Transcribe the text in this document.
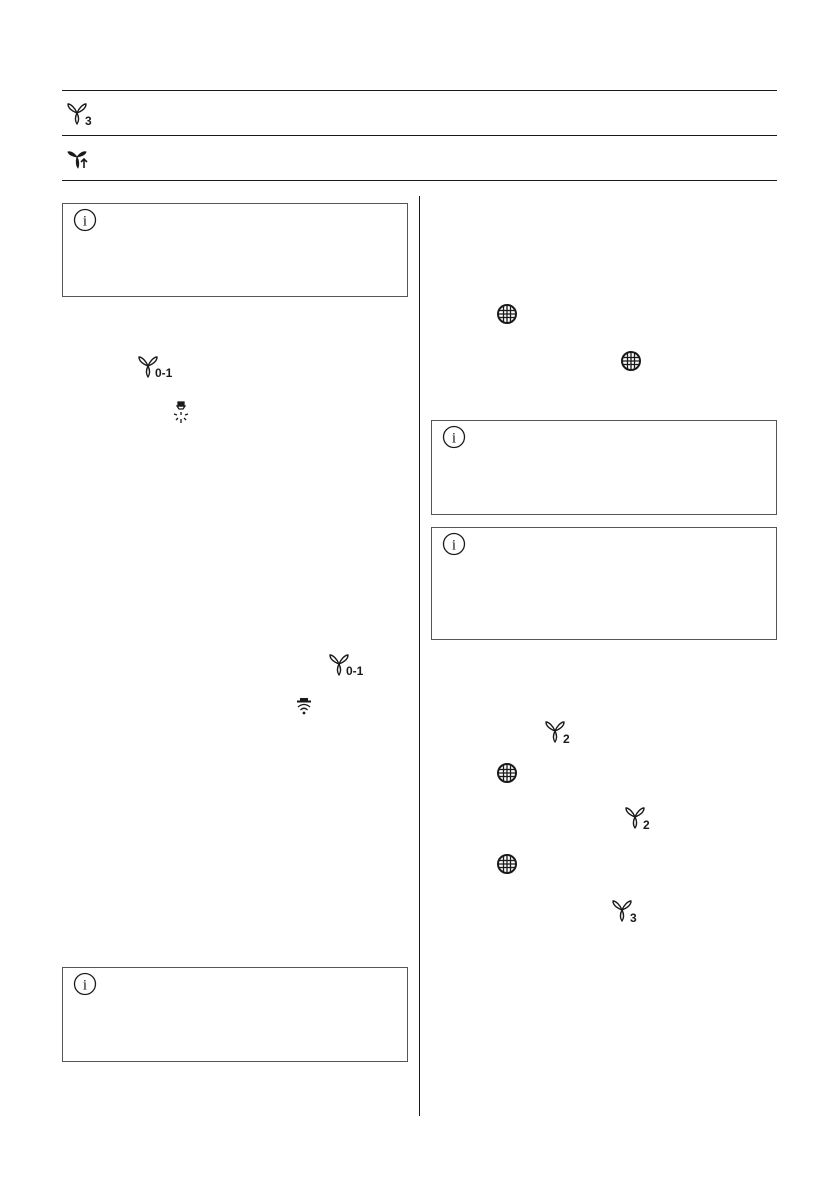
3
i
i
0-1
0-1
i
i
2
2
3
